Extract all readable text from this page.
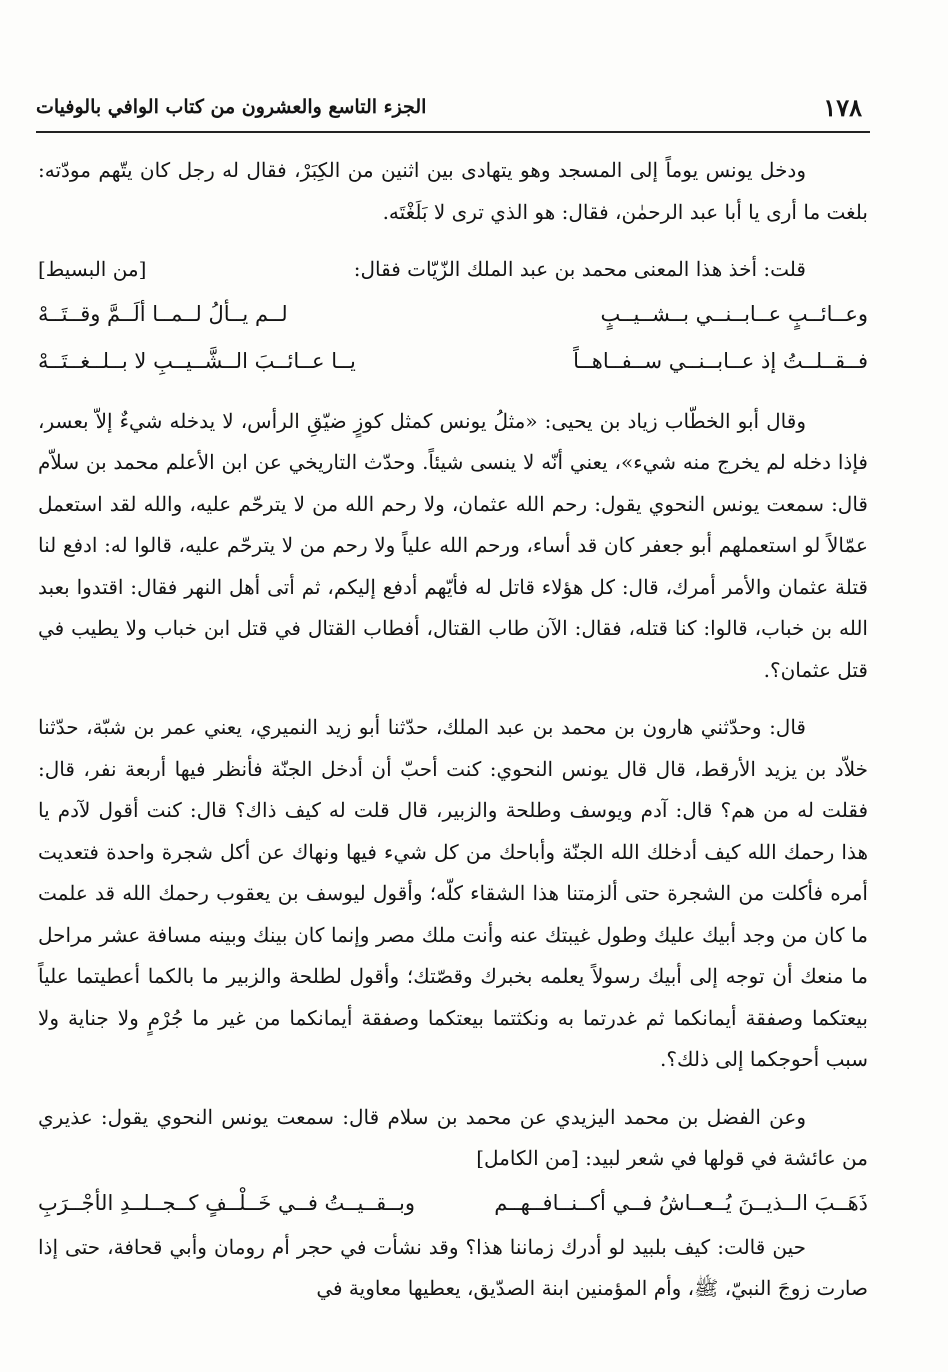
١٧٨
الجزء التاسع والعشرون من كتاب الوافي بالوفيات

ودخل يونس يوماً إلى المسجد وهو يتهادى بين اثنين من الكِبَرْ، فقال له رجل كان يتّهم مودّته: بلغت ما أرى يا أبا عبد الرحمٰن، فقال: هو الذي ترى لا بَلَغْتَه.

قلت: أخذ هذا المعنى محمد بن عبد الملك الزّيّات فقال:
[من البسيط]

وعــائــبٍ عــابــنــي بــشــيــبٍ
لــم يــألُ لــمــا ألَــمَّ وقــتَــهْ
فــقــلــتُ إذ عــابــنــي ســفــاهــاً
يــا عــائــبَ الــشَّــيــبِ لا بــلــغــتَــهْ

وقال أبو الخطّاب زياد بن يحيى: «مثلُ يونس كمثل كوزٍ ضيّقِ الرأس، لا يدخله شيءٌ إلاّ بعسر، فإذا دخله لم يخرج منه شيء»، يعني أنّه لا ينسى شيئاً. وحدّث التاريخي عن ابن الأعلم محمد بن سلاّم قال: سمعت يونس النحوي يقول: رحم الله عثمان، ولا رحم الله من لا يترحّم عليه، والله لقد استعمل عمّالاً لو استعملهم أبو جعفر كان قد أساء، ورحم الله علياً ولا رحم من لا يترحّم عليه، قالوا له: ادفع لنا قتلة عثمان والأمر أمرك، قال: كل هؤلاء قاتل له فأيّهم أدفع إليكم، ثم أتى أهل النهر فقال: اقتدوا بعبد الله بن خباب، قالوا: كنا قتله، فقال: الآن طاب القتال، أفطاب القتال في قتل ابن خباب ولا يطيب في قتل عثمان؟.

قال: وحدّثني هارون بن محمد بن عبد الملك، حدّثنا أبو زيد النميري، يعني عمر بن شبّة، حدّثنا خلاّد بن يزيد الأرقط، قال قال يونس النحوي: كنت أحبّ أن أدخل الجنّة فأنظر فيها أربعة نفر، قال: فقلت له من هم؟ قال: آدم ويوسف وطلحة والزبير، قال قلت له كيف ذاك؟ قال: كنت أقول لآدم يا هذا رحمك الله كيف أدخلك الله الجنّة وأباحك من كل شيء فيها ونهاك عن أكل شجرة واحدة فتعديت أمره فأكلت من الشجرة حتى ألزمتنا هذا الشقاء كلّه؛ وأقول ليوسف بن يعقوب رحمك الله قد علمت ما كان من وجد أبيك عليك وطول غيبتك عنه وأنت ملك مصر وإنما كان بينك وبينه مسافة عشر مراحل ما منعك أن توجه إلى أبيك رسولاً يعلمه بخبرك وقصّتك؛ وأقول لطلحة والزبير ما بالكما أعطيتما علياً بيعتكما وصفقة أيمانكما ثم غدرتما به ونكثتما بيعتكما وصفقة أيمانكما من غير ما جُرْمٍ ولا جناية ولا سبب أحوجكما إلى ذلك؟.

وعن الفضل بن محمد اليزيدي عن محمد بن سلام قال: سمعت يونس النحوي يقول: عذيري من عائشة في قولها في شعر لبيد: [من الكامل]

ذَهَــبَ الــذيــنَ يُــعــاشُ فــي أكــنــافــهــم
وبــقــيــتُ فــي خَــلْــفٍ كــجــلــدِ الأجْــرَبِ

حين قالت: كيف بلبيد لو أدرك زماننا هذا؟ وقد نشأت في حجر أم رومان وأبي قحافة، حتى إذا صارت زوجَ النبيّ، ﷺ، وأم المؤمنين ابنة الصدّيق، يعطيها معاوية في
